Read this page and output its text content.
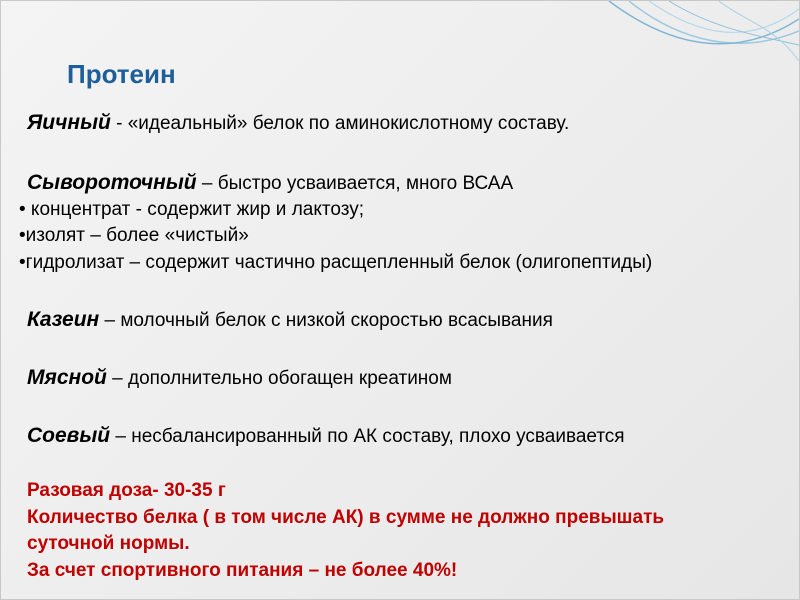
Протеин
Яичный - «идеальный» белок по аминокислотному составу.
Сывороточный – быстро усваивается, много ВСАА
• концентрат - содержит жир и лактозу;
•изолят – более «чистый»
•гидролизат – содержит частично расщепленный белок (олигопептиды)
Казеин – молочный белок с низкой скоростью всасывания
Мясной – дополнительно обогащен креатином
Соевый – несбалансированный по АК составу, плохо усваивается
Разовая доза- 30-35 г
Количество белка ( в том числе АК) в сумме не должно превышать
суточной нормы.
За счет спортивного питания – не более 40%!
